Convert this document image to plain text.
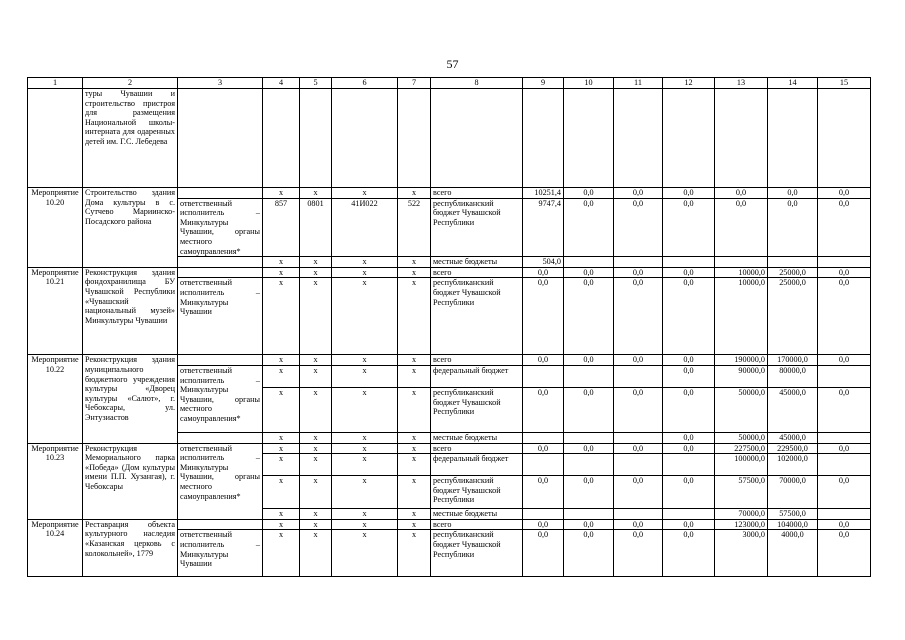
57
1	2	3	4	5	6	7	8	9	10	11	12	13	14	15
	туры Чувашии и строительство пристроя для размещения Национальной школы-интерната для одаренных детей им. Г.С. Лебедева													
Мероприятие 10.20	Строительство здания Дома культуры в с. Сутчево Мариинско-Посадского района		х	х	х	х	всего	10251,4	0,0	0,0	0,0	0,0	0,0	0,0
		ответственный исполнитель – Минкультуры Чувашии, органы местного самоуправления*	857	0801	41И022	522	республиканский бюджет Чувашской Республики	9747,4	0,0	0,0	0,0	0,0	0,0	0,0
			х	х	х	х	местные бюджеты	504,0						
Мероприятие 10.21	Реконструкция здания фондохранилища БУ Чувашской Республики «Чувашский национальный музей» Минкультуры Чувашии		х	х	х	х	всего	0,0	0,0	0,0	0,0	10000,0	25000,0	0,0
		ответственный исполнитель – Минкультуры Чувашии	х	х	х	х	республиканский бюджет Чувашской Республики	0,0	0,0	0,0	0,0	10000,0	25000,0	0,0
Мероприятие 10.22	Реконструкция здания муниципального бюджетного учреждения культуры «Дворец культуры «Салют», г. Чебоксары, ул. Энтузиастов		х	х	х	х	всего	0,0	0,0	0,0	0,0	190000,0	170000,0	0,0
		ответственный исполнитель – Минкультуры Чувашии, органы местного самоуправления*	х	х	х	х	федеральный бюджет				0,0	90000,0	80000,0	
			х	х	х	х	республиканский бюджет Чувашской Республики	0,0	0,0	0,0	0,0	50000,0	45000,0	0,0
			х	х	х	х	местные бюджеты				0,0	50000,0	45000,0	
Мероприятие 10.23	Реконструкция Мемориального парка «Победа» (Дом культуры имени П.П. Хузангая), г. Чебоксары	ответственный исполнитель – Минкультуры Чувашии, органы местного самоуправления*	х	х	х	х	всего	0,0	0,0	0,0	0,0	227500,0	229500,0	0,0
			х	х	х	х	федеральный бюджет					100000,0	102000,0	
			х	х	х	х	республиканский бюджет Чувашской Республики	0,0	0,0	0,0	0,0	57500,0	70000,0	0,0
			х	х	х	х	местные бюджеты					70000,0	57500,0	
Мероприятие 10.24	Реставрация объекта культурного наследия «Казанская церковь с колокольней», 1779		х	х	х	х	всего	0,0	0,0	0,0	0,0	123000,0	104000,0	0,0
		ответственный исполнитель – Минкультуры Чувашии	х	х	х	х	республиканский бюджет Чувашской Республики	0,0	0,0	0,0	0,0	3000,0	4000,0	0,0
